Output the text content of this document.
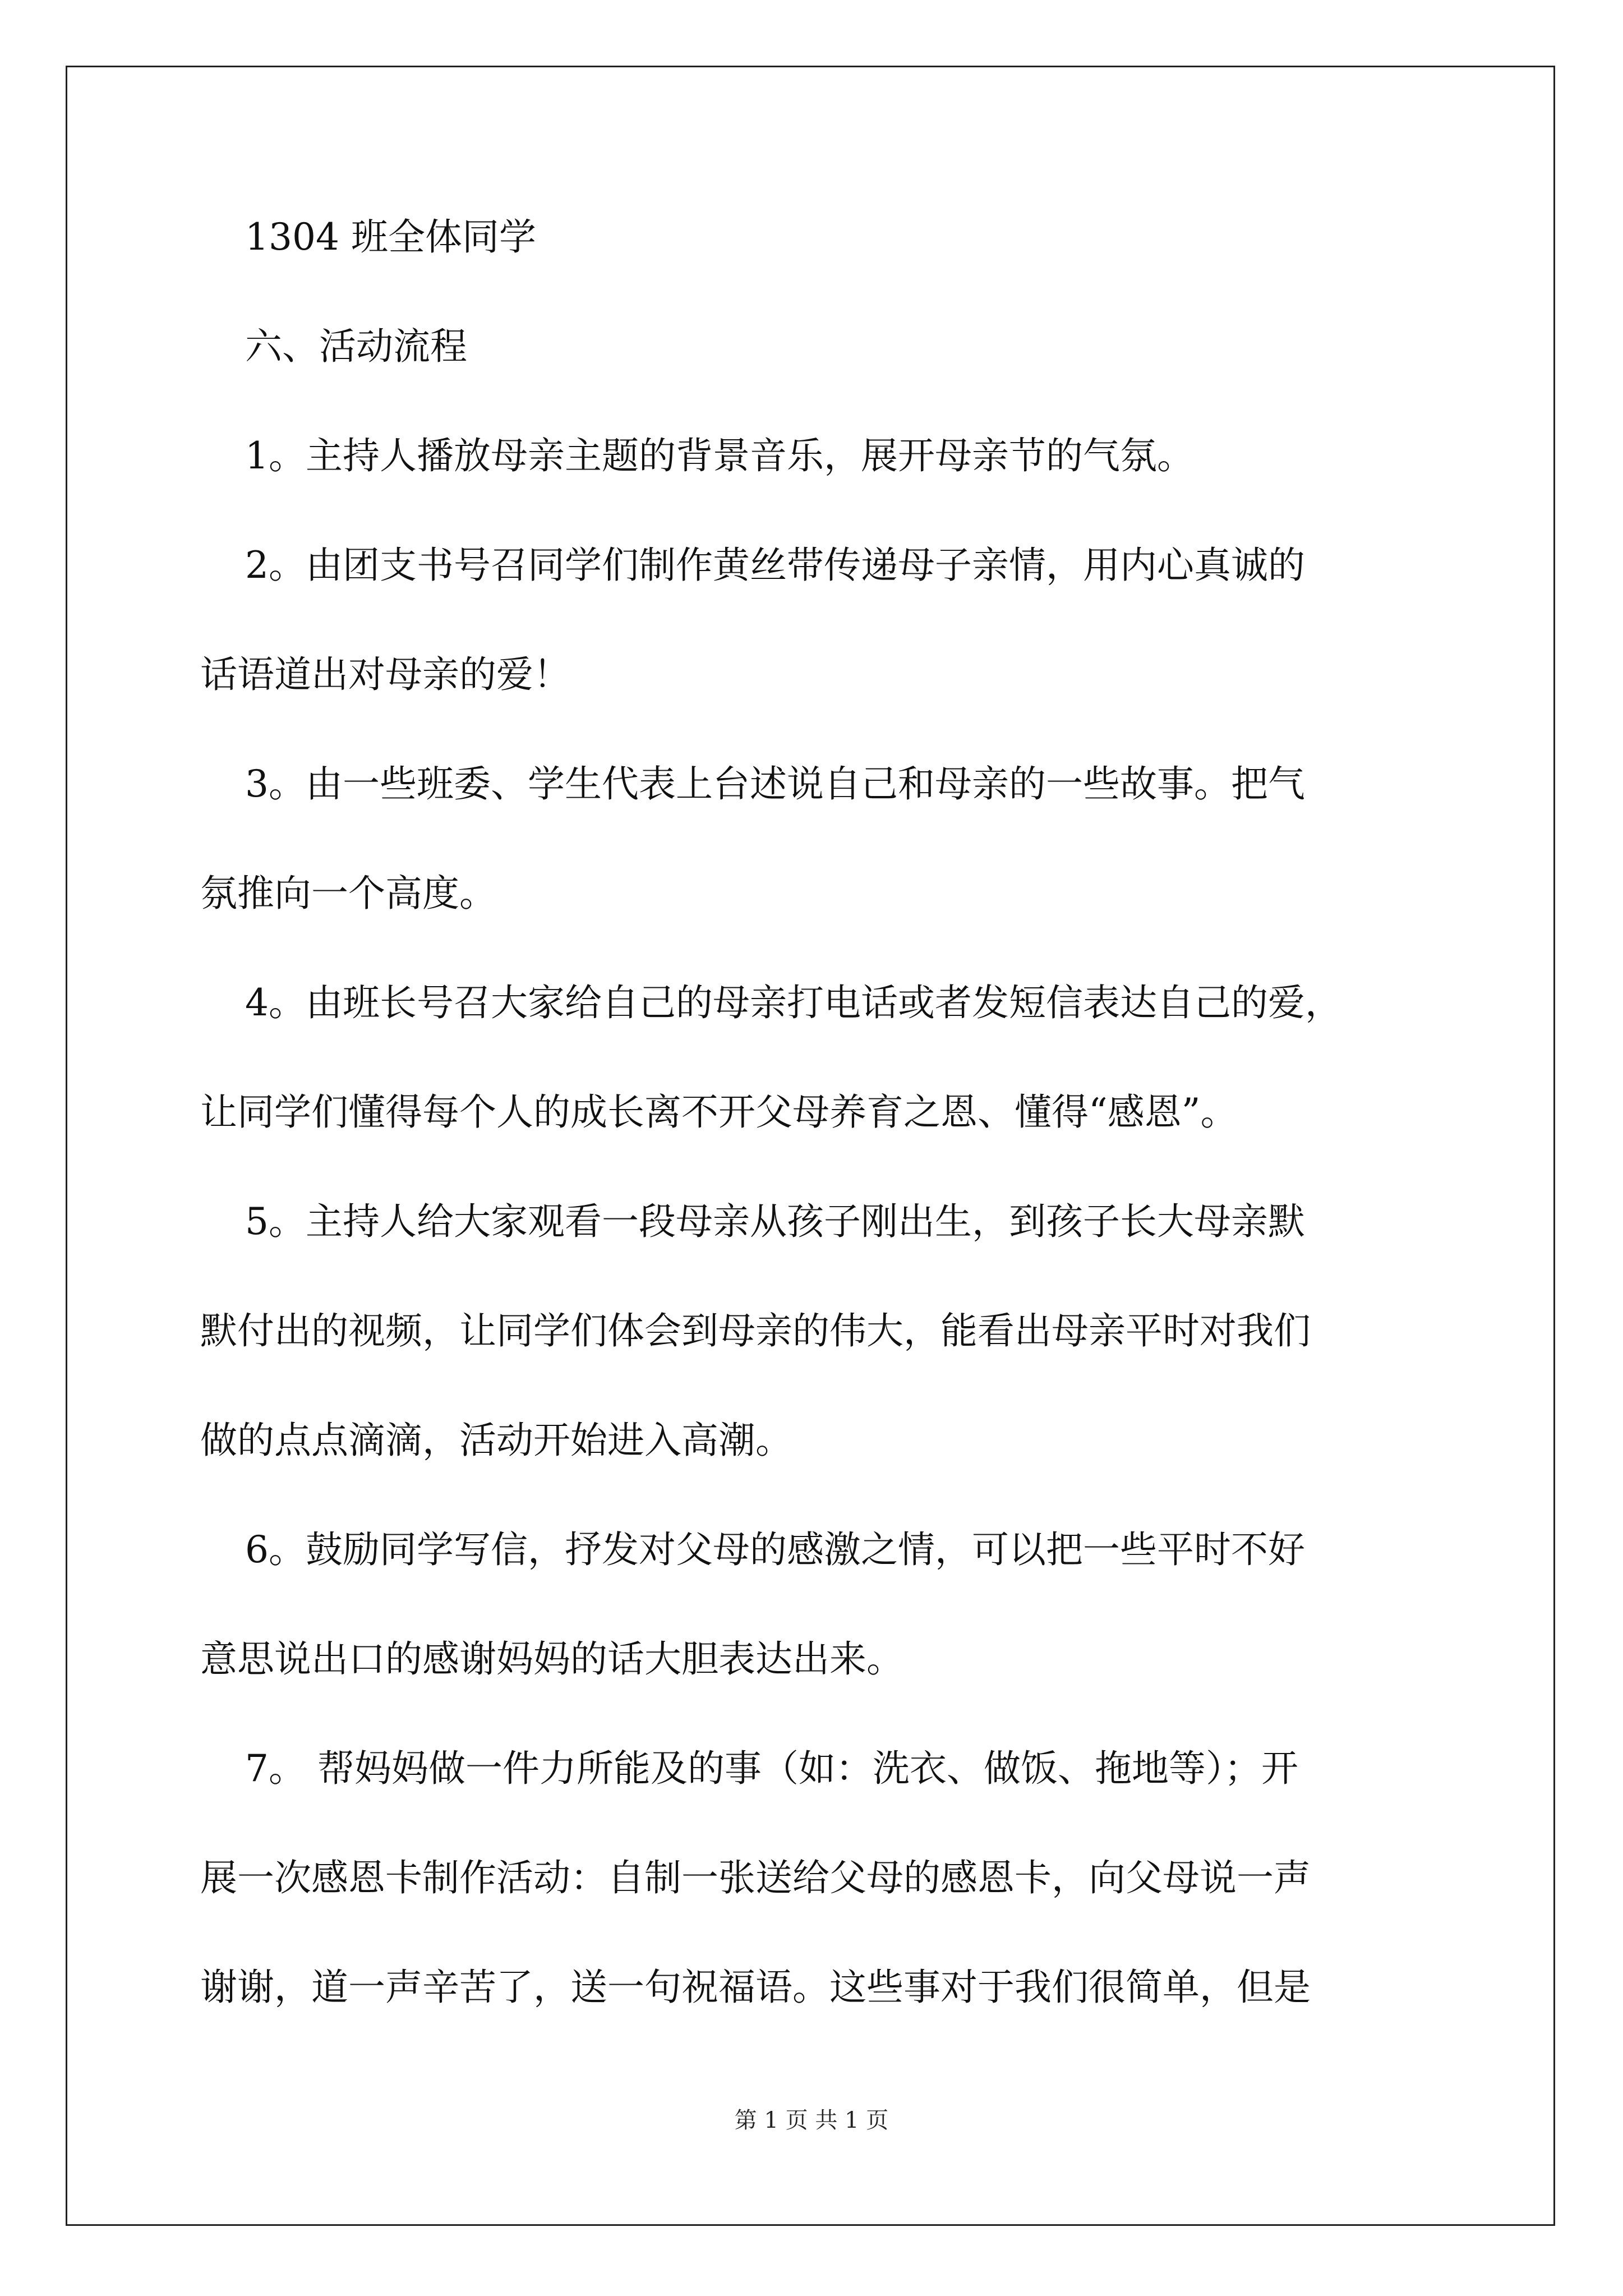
1304 班全体同学
六、活动流程
1。主持人播放母亲主题的背景音乐，展开母亲节的气氛。
2。由团支书号召同学们制作黄丝带传递母子亲情，用内心真诚的
话语道出对母亲的爱！
3。由一些班委、学生代表上台述说自己和母亲的一些故事。把气
氛推向一个高度。
4。由班长号召大家给自己的母亲打电话或者发短信表达自己的爱，
让同学们懂得每个人的成长离不开父母养育之恩、懂得“感恩”。
5。主持人给大家观看一段母亲从孩子刚出生，到孩子长大母亲默
默付出的视频，让同学们体会到母亲的伟大，能看出母亲平时对我们
做的点点滴滴，活动开始进入高潮。
6。鼓励同学写信，抒发对父母的感激之情，可以把一些平时不好
意思说出口的感谢妈妈的话大胆表达出来。
7。 帮妈妈做一件力所能及的事（如：洗衣、做饭、拖地等）；开
展一次感恩卡制作活动：自制一张送给父母的感恩卡，向父母说一声
谢谢，道一声辛苦了，送一句祝福语。这些事对于我们很简单，但是
第 1 页 共 1 页
